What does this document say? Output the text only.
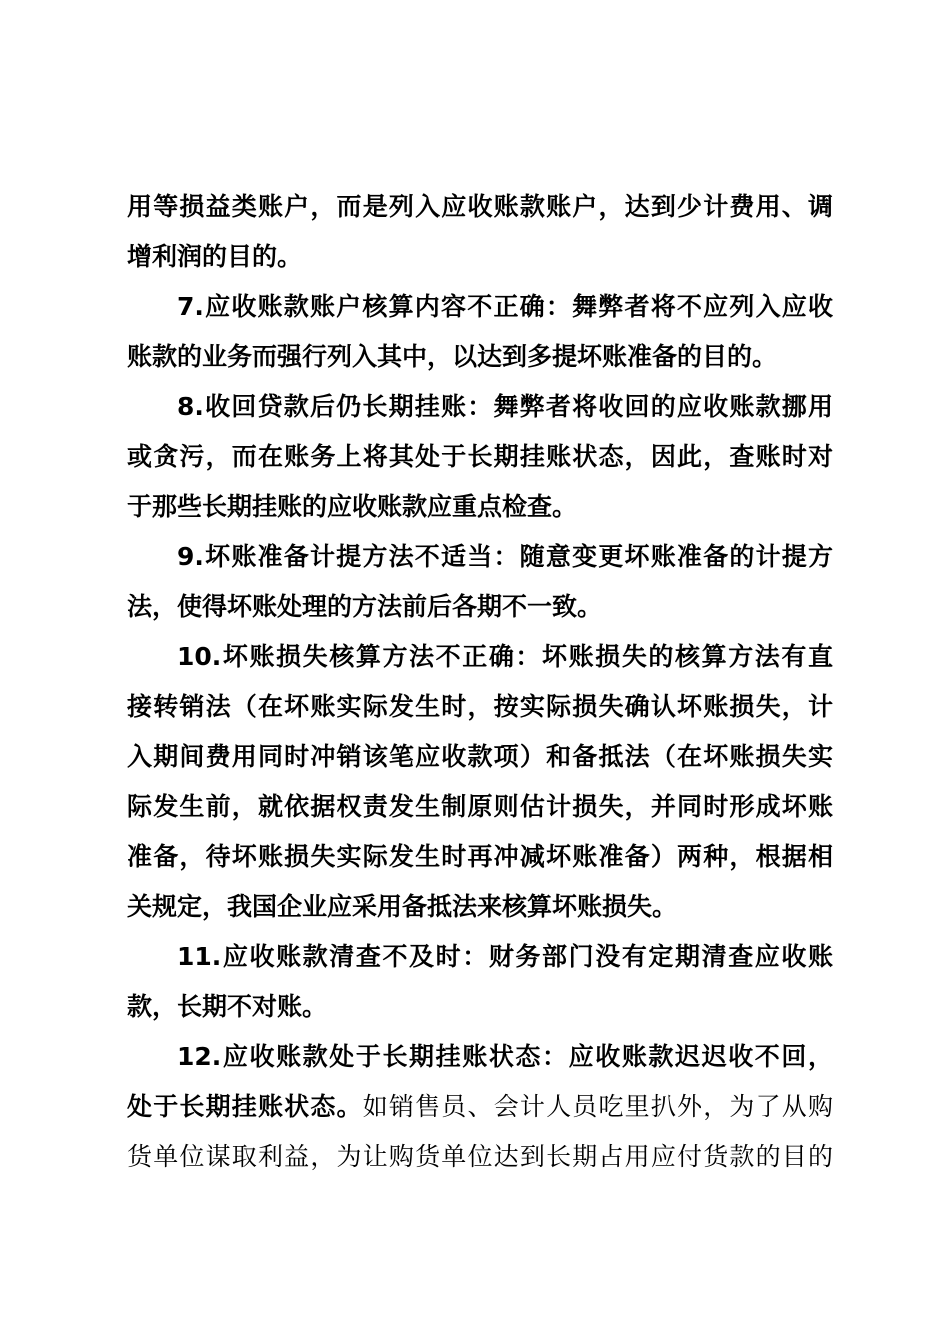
用等损益类账户，而是列入应收账款账户，达到少计费用、调
增利润的目的。
7.应收账款账户核算内容不正确：舞弊者将不应列入应收
账款的业务而强行列入其中，以达到多提坏账准备的目的。
8.收回贷款后仍长期挂账：舞弊者将收回的应收账款挪用
或贪污，而在账务上将其处于长期挂账状态，因此，查账时对
于那些长期挂账的应收账款应重点检查。
9.坏账准备计提方法不适当：随意变更坏账准备的计提方
法，使得坏账处理的方法前后各期不一致。
10.坏账损失核算方法不正确：坏账损失的核算方法有直
接转销法（在坏账实际发生时，按实际损失确认坏账损失，计
入期间费用同时冲销该笔应收款项）和备抵法（在坏账损失实
际发生前，就依据权责发生制原则估计损失，并同时形成坏账
准备，待坏账损失实际发生时再冲减坏账准备）两种，根据相
关规定，我国企业应采用备抵法来核算坏账损失。
11.应收账款清查不及时：财务部门没有定期清查应收账
款，长期不对账。
12.应收账款处于长期挂账状态：应收账款迟迟收不回，
处于长期挂账状态。如销售员、会计人员吃里扒外，为了从购
货单位谋取利益，为让购货单位达到长期占用应付货款的目的
